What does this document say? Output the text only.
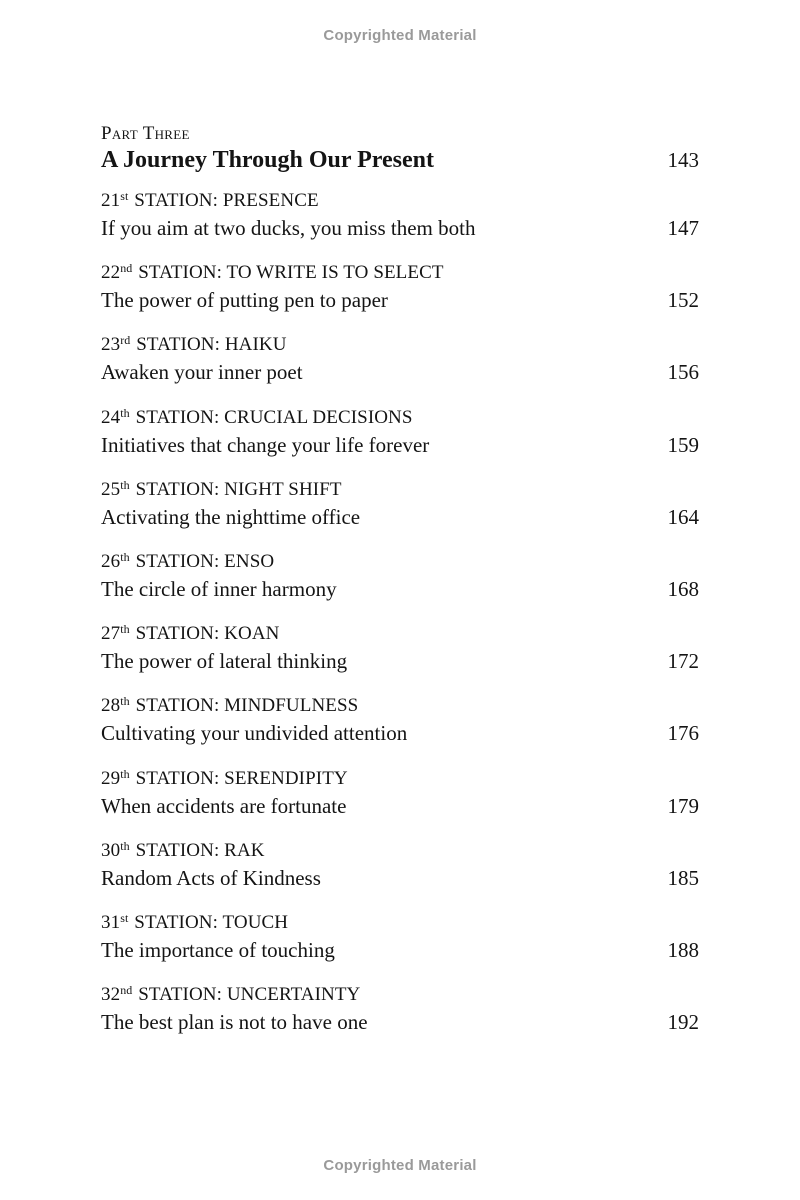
Copyrighted Material
Part Three
A Journey Through Our Present	143
21st STATION: PRESENCE
If you aim at two ducks, you miss them both	147
22nd STATION: TO WRITE IS TO SELECT
The power of putting pen to paper	152
23rd STATION: HAIKU
Awaken your inner poet	156
24th STATION: CRUCIAL DECISIONS
Initiatives that change your life forever	159
25th STATION: NIGHT SHIFT
Activating the nighttime office	164
26th STATION: ENSO
The circle of inner harmony	168
27th STATION: KOAN
The power of lateral thinking	172
28th STATION: MINDFULNESS
Cultivating your undivided attention	176
29th STATION: SERENDIPITY
When accidents are fortunate	179
30th STATION: RAK
Random Acts of Kindness	185
31st STATION: TOUCH
The importance of touching	188
32nd STATION: UNCERTAINTY
The best plan is not to have one	192
Copyrighted Material
